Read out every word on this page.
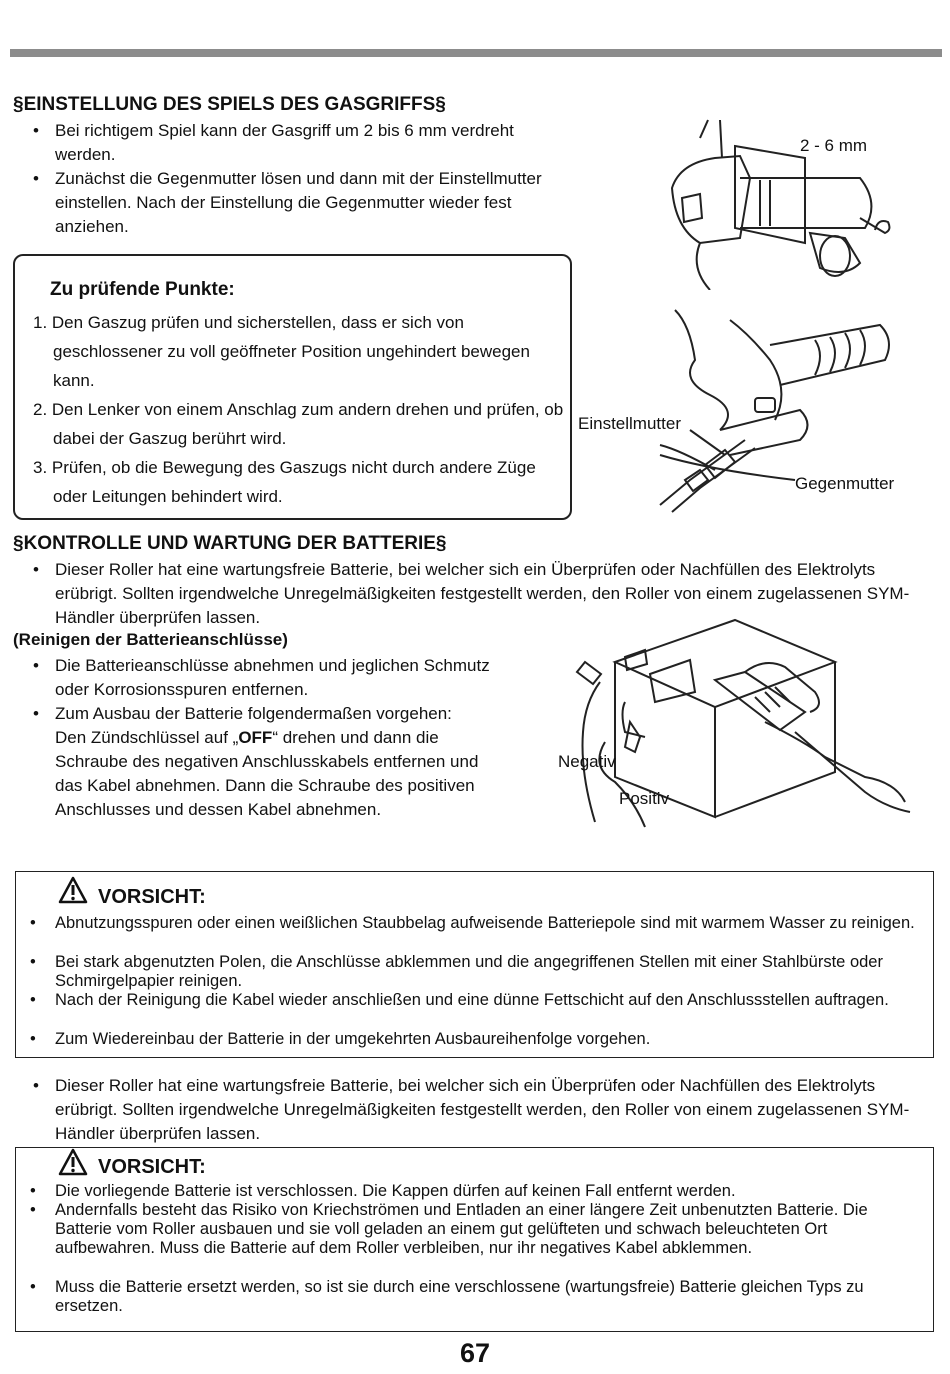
§EINSTELLUNG DES SPIELS DES GASGRIFFS§
• Bei richtigem Spiel kann der Gasgriff um 2 bis 6 mm verdreht werden.
• Zunächst die Gegenmutter lösen und dann mit der Einstellmutter einstellen. Nach der Einstellung die Gegenmutter wieder fest anziehen.
2 - 6 mm
Zu prüfende Punkte:
1. Den Gaszug prüfen und sicherstellen, dass er sich von geschlossener zu voll geöffneter Position ungehindert bewegen kann.
2. Den Lenker von einem Anschlag zum andern drehen und prüfen, ob dabei der Gaszug berührt wird.
3. Prüfen, ob die Bewegung des Gaszugs nicht durch andere Züge oder Leitungen behindert wird.
Einstellmutter
Gegenmutter
§KONTROLLE UND WARTUNG DER BATTERIE§
• Dieser Roller hat eine wartungsfreie Batterie, bei welcher sich ein Überprüfen oder Nachfüllen des Elektrolyts erübrigt. Sollten irgendwelche Unregelmäßigkeiten festgestellt werden, den Roller von einem zugelassenen SYM-Händler überprüfen lassen.
(Reinigen der Batterieanschlüsse)
• Die Batterieanschlüsse abnehmen und jeglichen Schmutz oder Korrosionsspuren entfernen.
• Zum Ausbau der Batterie folgendermaßen vorgehen:
Den Zündschlüssel auf „OFF“ drehen und dann die Schraube des negativen Anschlusskabels entfernen und das Kabel abnehmen. Dann die Schraube des positiven Anschlusses und dessen Kabel abnehmen.
Negativ
Positiv
VORSICHT:
• Abnutzungsspuren oder einen weißlichen Staubbelag aufweisende Batteriepole sind mit warmem Wasser zu reinigen.
• Bei stark abgenutzten Polen, die Anschlüsse abklemmen und die angegriffenen Stellen mit einer Stahlbürste oder Schmirgelpapier reinigen.
• Nach der Reinigung die Kabel wieder anschließen und eine dünne Fettschicht auf den Anschlussstellen auftragen.
• Zum Wiedereinbau der Batterie in der umgekehrten Ausbaureihenfolge vorgehen.
• Dieser Roller hat eine wartungsfreie Batterie, bei welcher sich ein Überprüfen oder Nachfüllen des Elektrolyts erübrigt. Sollten irgendwelche Unregelmäßigkeiten festgestellt werden, den Roller von einem zugelassenen SYM-Händler überprüfen lassen.
VORSICHT:
• Die vorliegende Batterie ist verschlossen. Die Kappen dürfen auf keinen Fall entfernt werden.
• Andernfalls besteht das Risiko von Kriechströmen und Entladen an einer längere Zeit unbenutzten Batterie. Die Batterie vom Roller ausbauen und sie voll geladen an einem gut gelüfteten und schwach beleuchteten Ort aufbewahren. Muss die Batterie auf dem Roller verbleiben, nur ihr negatives Kabel abklemmen.
• Muss die Batterie ersetzt werden, so ist sie durch eine verschlossene (wartungsfreie) Batterie gleichen Typs zu ersetzen.
67
